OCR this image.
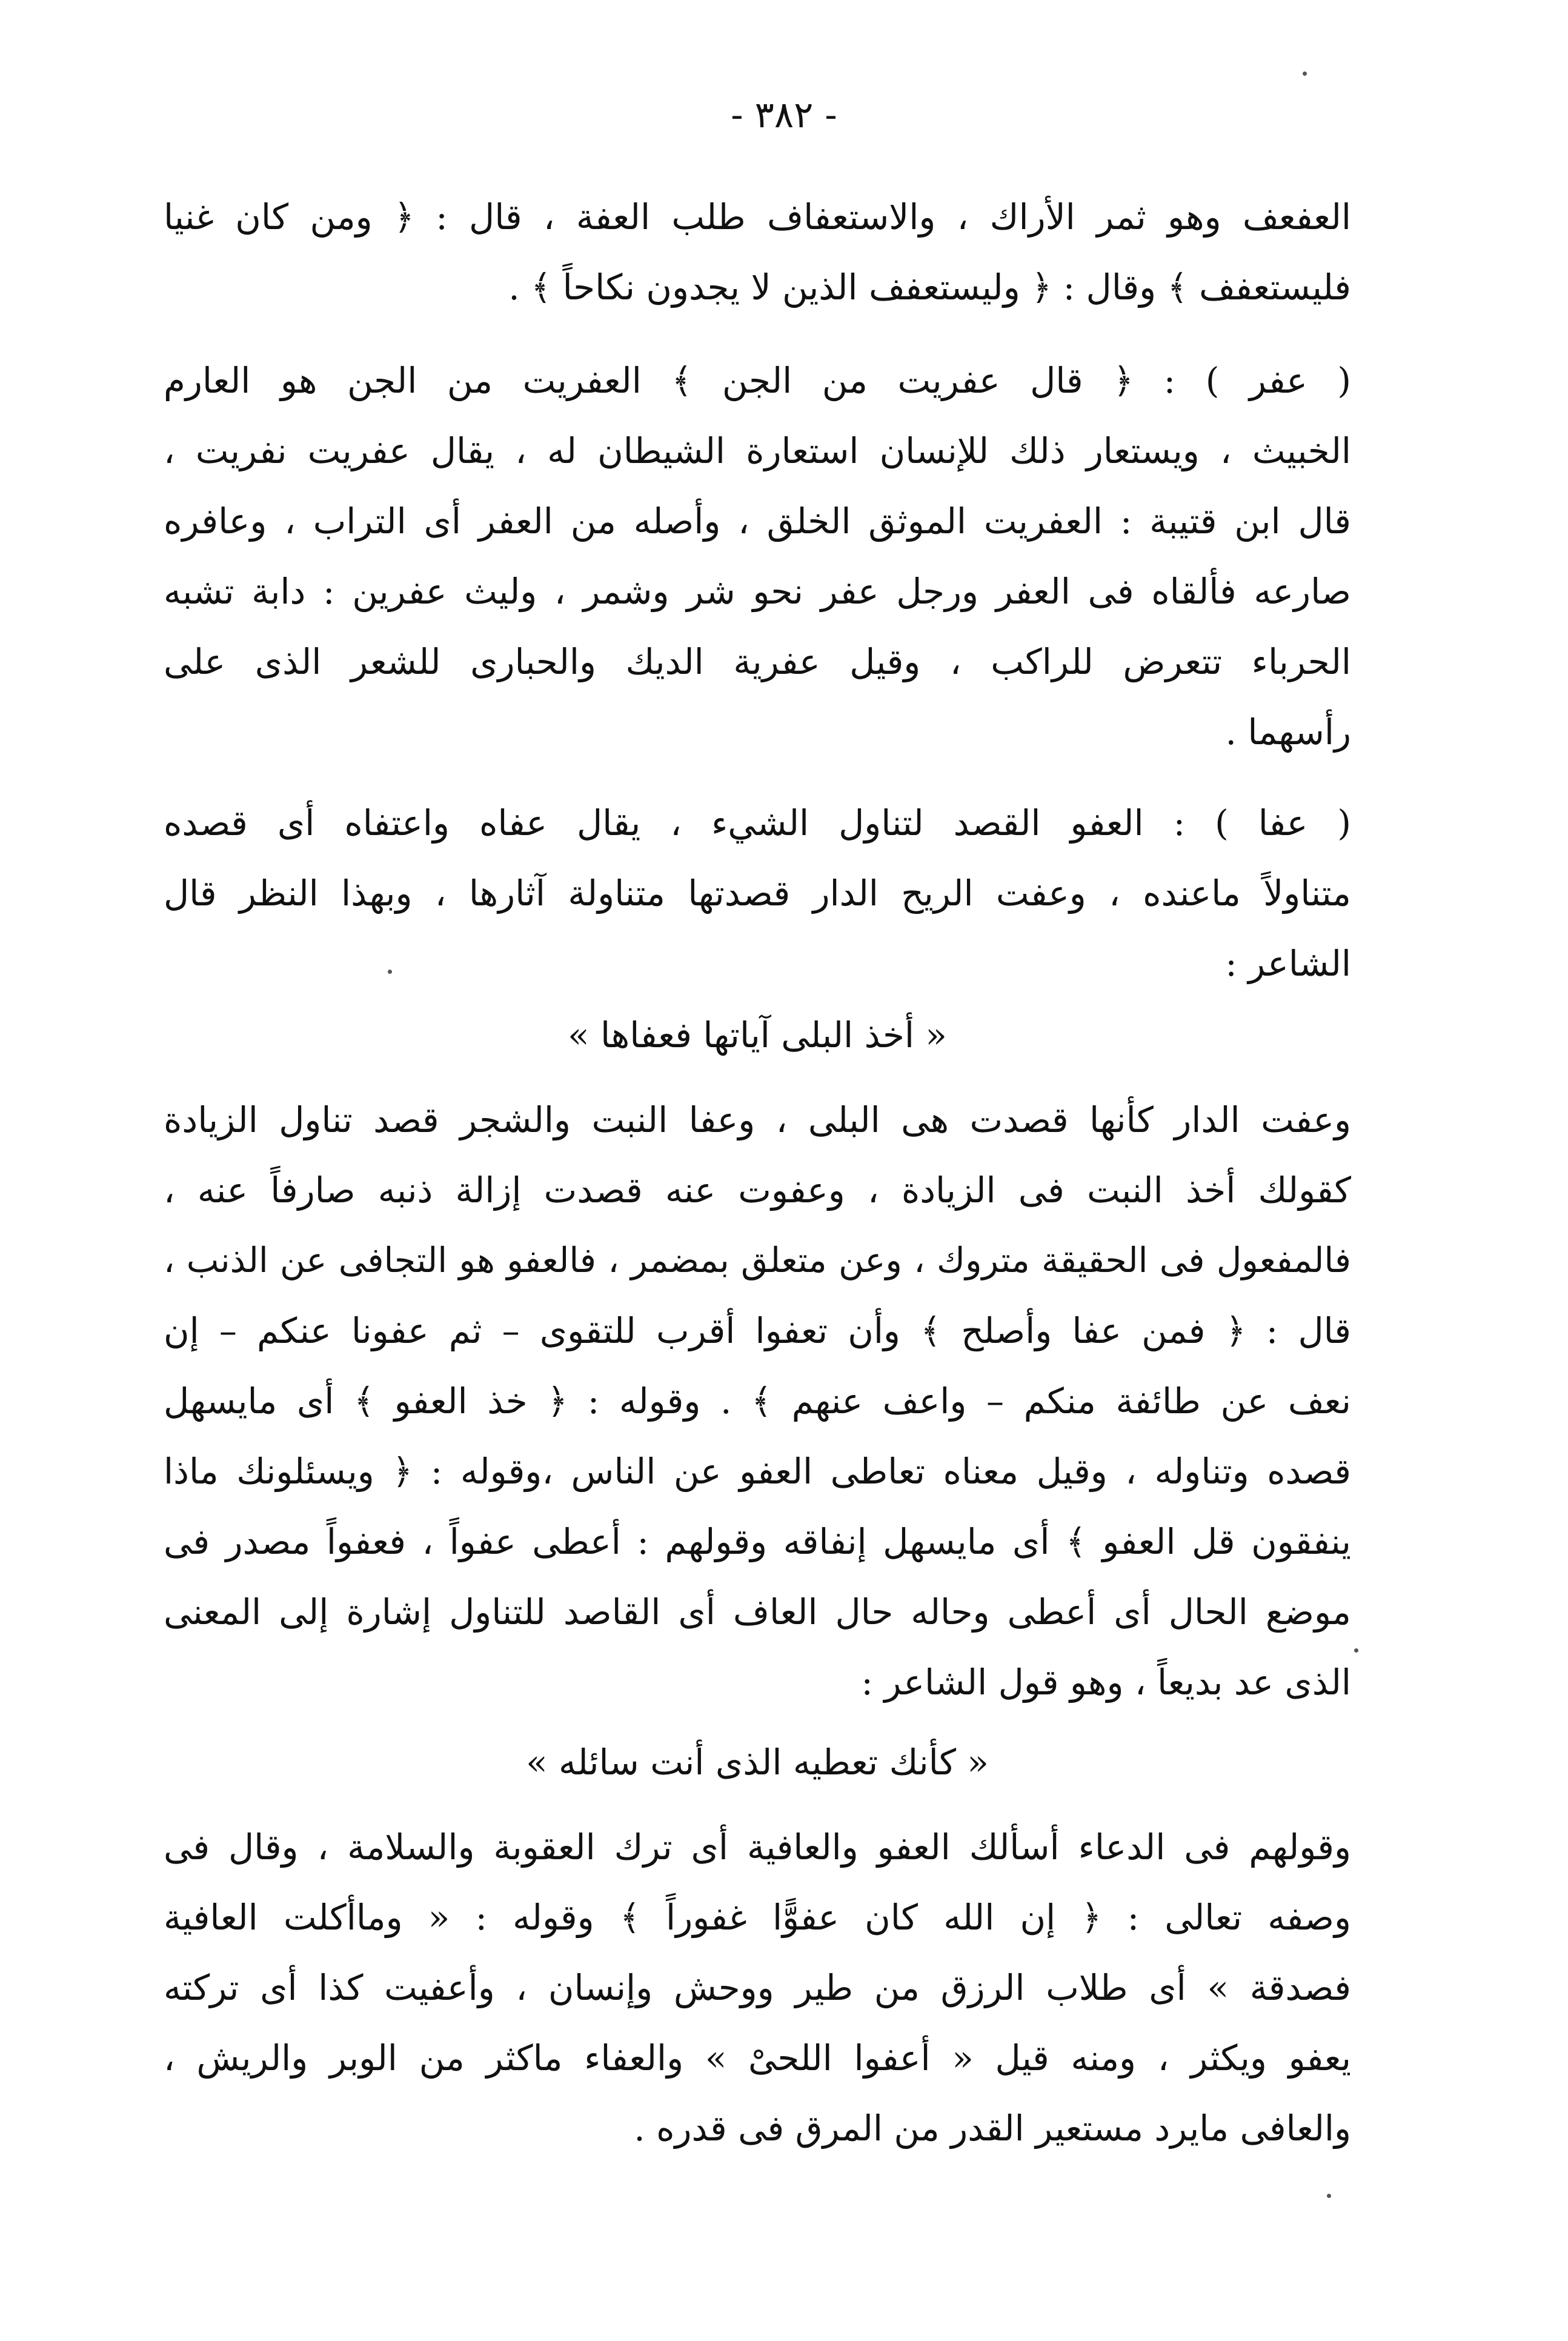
- ٣٨٢ -
العفعف وهو ثمر الأراك ، والاستعفاف طلب العفة ، قال : ﴿ ومن كان غنيا
فليستعفف ﴾ وقال : ﴿ وليستعفف الذين لا يجدون نكاحاً ﴾ .
( عفر ) : ﴿ قال عفريت من الجن ﴾ العفريت من الجن هو العارم
الخبيث ، ويستعار ذلك للإنسان استعارة الشيطان له ، يقال عفريت نفريت ،
قال ابن قتيبة : العفريت الموثق الخلق ، وأصله من العفر أى التراب ، وعافره
صارعه فألقاه فى العفر ورجل عفر نحو شر وشمر ، وليث عفرين : دابة تشبه
الحرباء تتعرض للراكب ، وقيل عفرية الديك والحبارى للشعر الذى على
رأسهما .
( عفا ) : العفو القصد لتناول الشيء ، يقال عفاه واعتفاه أى قصده
متناولاً ماعنده ، وعفت الريح الدار قصدتها متناولة آثارها ، وبهذا النظر قال
الشاعر :
« أخذ البلى آياتها فعفاها »
وعفت الدار كأنها قصدت هى البلى ، وعفا النبت والشجر قصد تناول الزيادة
كقولك أخذ النبت فى الزيادة ، وعفوت عنه قصدت إزالة ذنبه صارفاً عنه ،
فالمفعول فى الحقيقة متروك ، وعن متعلق بمضمر ، فالعفو هو التجافى عن الذنب ،
قال : ﴿ فمن عفا وأصلح ﴾ وأن تعفوا أقرب للتقوى – ثم عفونا عنكم – إن
نعف عن طائفة منكم – واعف عنهم ﴾ . وقوله : ﴿ خذ العفو ﴾ أى مايسهل
قصده وتناوله ، وقيل معناه تعاطى العفو عن الناس ،وقوله : ﴿ ويسئلونك ماذا
ينفقون قل العفو ﴾ أى مايسهل إنفاقه وقولهم : أعطى عفواً ، فعفواً مصدر فى
موضع الحال أى أعطى وحاله حال العاف أى القاصد للتناول إشارة إلى المعنى
الذى عد بديعاً ، وهو قول الشاعر :
« كأنك تعطيه الذى أنت سائله »
وقولهم فى الدعاء أسألك العفو والعافية أى ترك العقوبة والسلامة ، وقال فى
وصفه تعالى : ﴿ إن الله كان عفوًّا غفوراً ﴾ وقوله : « وماأكلت العافية
فصدقة » أى طلاب الرزق من طير ووحش وإنسان ، وأعفيت كذا أى تركته
يعفو ويكثر ، ومنه قيل « أعفوا اللحىْ » والعفاء ماكثر من الوبر والريش ،
والعافى مايرد مستعير القدر من المرق فى قدره .
